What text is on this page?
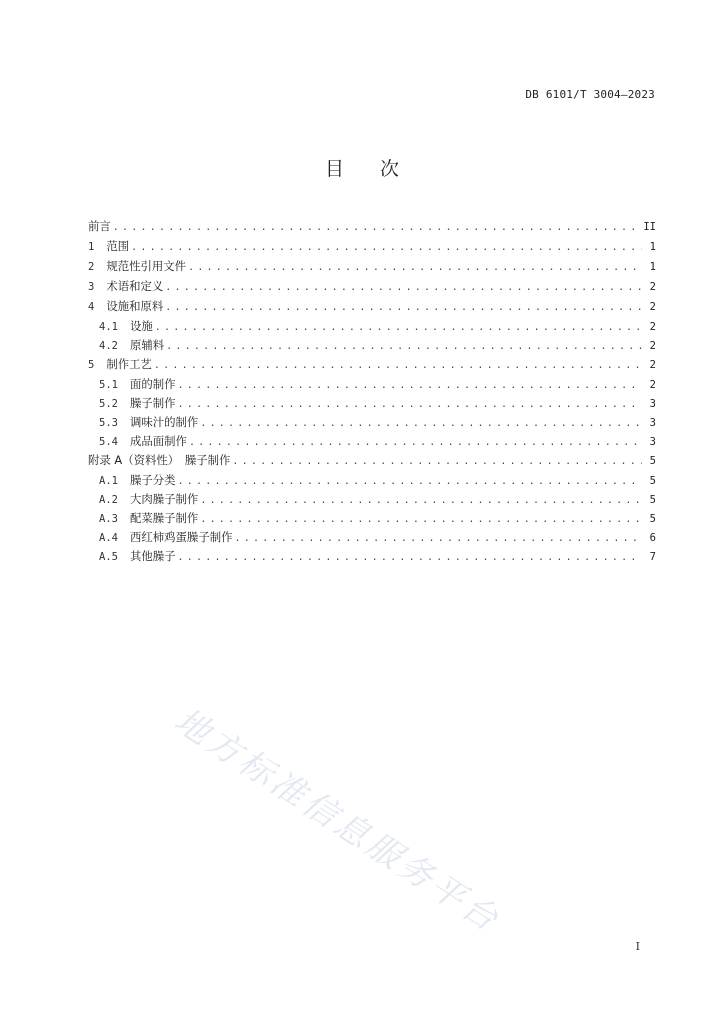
DB 6101/T 3004—2023
目 次
前言 . . .	II
1 范围 . . .	1
2 规范性引用文件 . . .	1
3 术语和定义 . . .	2
4 设施和原料 . . .	2
4.1 设施 . . .	2
4.2 原辅料 . . .	2
5 制作工艺 . . .	2
5.1 面的制作 . . .	2
5.2 臊子制作 . . .	3
5.3 调味汁的制作 . . .	3
5.4 成品面制作 . . .	3
附录 A（资料性）　臊子制作 . . .	5
A.1 臊子分类 . . .	5
A.2 大肉臊子制作 . . .	5
A.3 配菜臊子制作 . . .	5
A.4 西红柿鸡蛋臊子制作 . . .	6
A.5 其他臊子 . . .	7
地方标准信息服务平台
I
